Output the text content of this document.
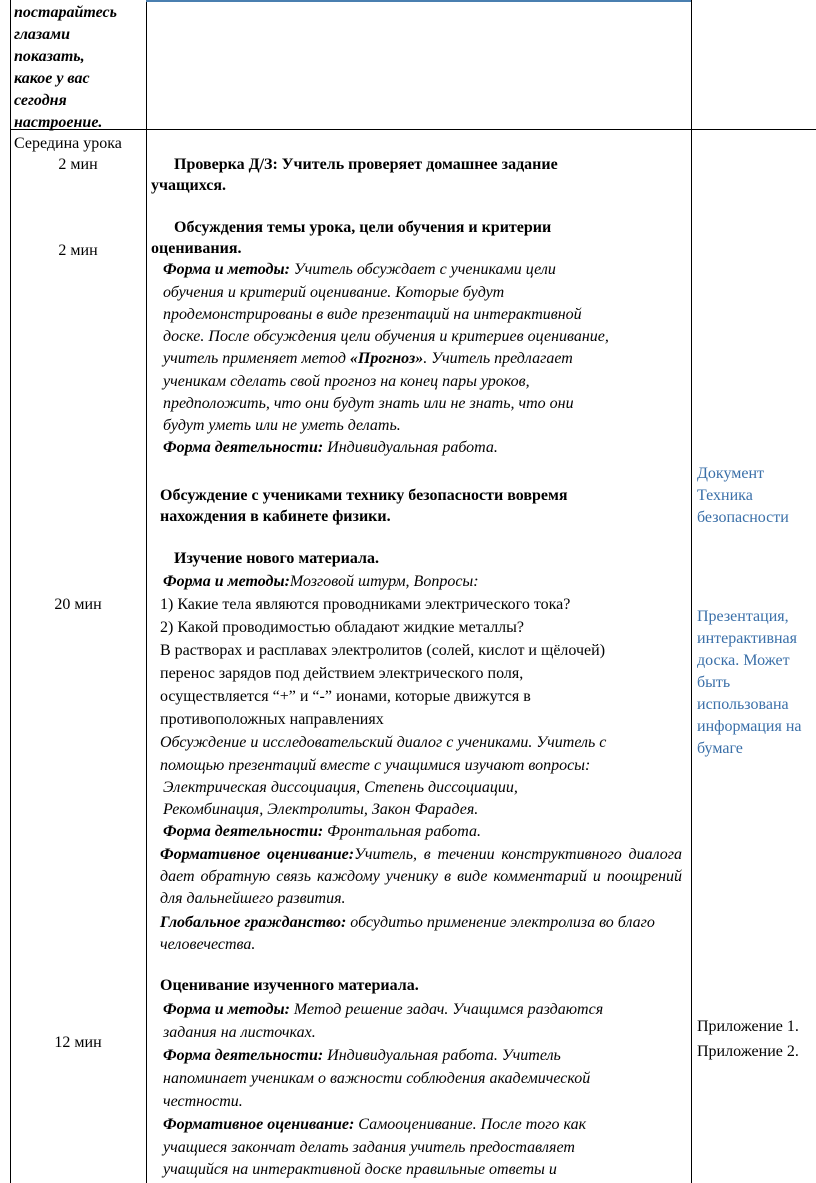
постарайтесь
глазами
показать,
какое у вас
сегодня
настроение.
Середина урока
2 мин
2 мин
20 мин
12 мин
Проверка Д/З: Учитель проверяет домашнее задание
учащихся.
Обсуждения темы урока, цели обучения и критерии
оценивания.
Форма и методы: Учитель обсуждает с учениками цели
обучения и критерий оценивание. Которые будут
продемонстрированы в виде презентаций на интерактивной
доске. После обсуждения цели обучения и критериев оценивание,
учитель применяет метод «Прогноз». Учитель предлагает
ученикам сделать свой прогноз на конец пары уроков,
предположить, что они будут знать или не знать, что они
будут уметь или не уметь делать.
Форма деятельности: Индивидуальная работа.
Обсуждение с учениками технику безопасности вовремя
нахождения в кабинете физики.
Изучение нового материала.
Форма и методы:Мозговой штурм, Вопросы:
1) Какие тела являются проводниками электрического тока?
2) Какой проводимостью обладают жидкие металлы?
В растворах и расплавах электролитов (солей, кислот и щёлочей)
перенос зарядов под действием электрического поля,
осуществляется “+” и “-” ионами, которые движутся в
противоположных направлениях
Обсуждение и исследовательский диалог с учениками. Учитель с
помощью презентаций вместе с учащимися изучают вопросы:
Электрическая диссоциация, Степень диссоциации,
Рекомбинация, Электролиты, Закон Фарадея.
Форма деятельности: Фронтальная работа.
Формативное оценивание:Учитель, в течении конструктивного диалога дает обратную связь каждому ученику в виде комментарий и поощрений для дальнейшего развития.
Глобальное гражданство: обсудитьо применение электролиза во благо человечества.
Оценивание изученного материала.
Форма и методы: Метод решение задач. Учащимся раздаются
задания на листочках.
Форма деятельности: Индивидуальная работа. Учитель
напоминает ученикам о важности соблюдения академической
честности.
Формативное оценивание: Самооценивание. После того как
учащиеся закончат делать задания учитель предоставляет
учащийся на интерактивной доске правильные ответы и
Документ
Техника
безопасности
Презентация,
интерактивная
доска. Может
быть
использована
информация на
бумаге
Приложение 1.
Приложение 2.
